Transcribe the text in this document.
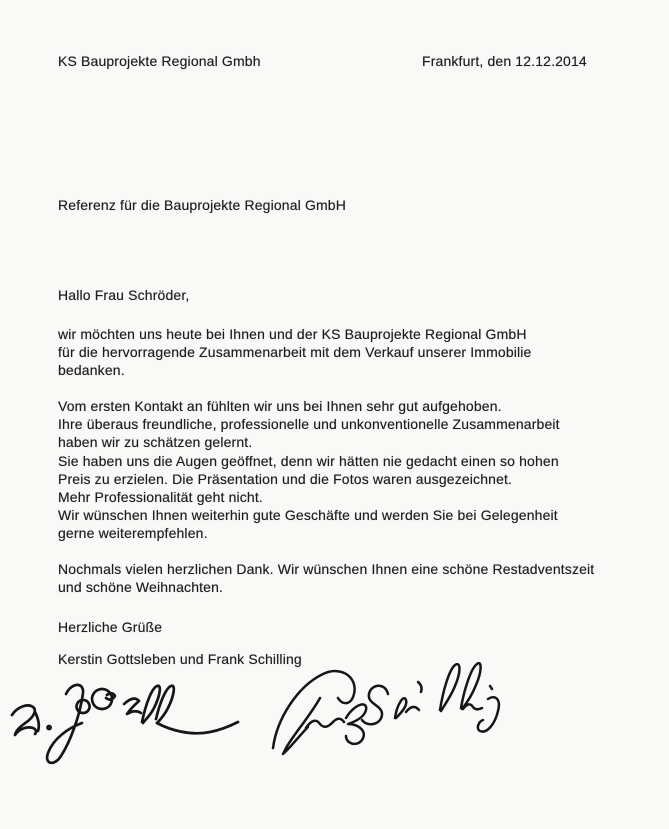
KS Bauprojekte Regional Gmbh	Frankfurt, den 12.12.2014
Referenz für die Bauprojekte Regional GmbH
Hallo Frau Schröder,
wir möchten uns heute bei Ihnen und der KS Bauprojekte Regional GmbH
für die hervorragende Zusammenarbeit mit dem Verkauf unserer Immobilie
bedanken.
Vom ersten Kontakt an fühlten wir uns bei Ihnen sehr gut aufgehoben.
Ihre überaus freundliche, professionelle und unkonventionelle Zusammenarbeit
haben wir zu schätzen gelernt.
Sie haben uns die Augen geöffnet, denn wir hätten nie gedacht einen so hohen
Preis zu erzielen. Die Präsentation und die Fotos waren ausgezeichnet.
Mehr Professionalität geht nicht.
Wir wünschen Ihnen weiterhin gute Geschäfte und werden Sie bei Gelegenheit
gerne weiterempfehlen.
Nochmals vielen herzlichen Dank. Wir wünschen Ihnen eine schöne Restadventszeit
und schöne Weihnachten.
Herzliche Grüße
Kerstin Gottsleben und Frank Schilling
